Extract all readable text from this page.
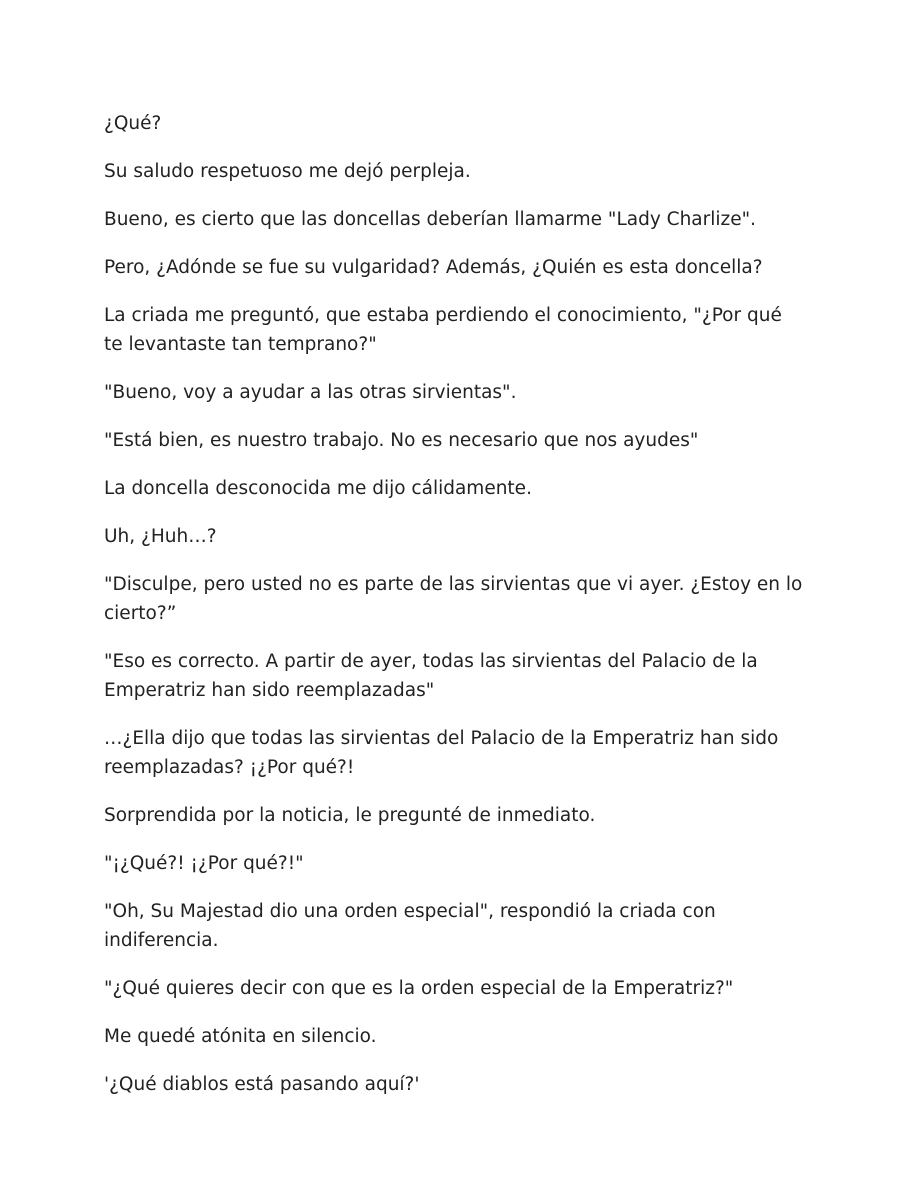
¿Qué?

Su saludo respetuoso me dejó perpleja.

Bueno, es cierto que las doncellas deberían llamarme "Lady Charlize".

Pero, ¿Adónde se fue su vulgaridad? Además, ¿Quién es esta doncella?

La criada me preguntó, que estaba perdiendo el conocimiento, "¿Por qué te levantaste tan temprano?"

"Bueno, voy a ayudar a las otras sirvientas".

"Está bien, es nuestro trabajo. No es necesario que nos ayudes"

La doncella desconocida me dijo cálidamente.

Uh, ¿Huh…?

"Disculpe, pero usted no es parte de las sirvientas que vi ayer. ¿Estoy en lo cierto?”

"Eso es correcto. A partir de ayer, todas las sirvientas del Palacio de la Emperatriz han sido reemplazadas"

…¿Ella dijo que todas las sirvientas del Palacio de la Emperatriz han sido reemplazadas? ¡¿Por qué?!

Sorprendida por la noticia, le pregunté de inmediato.

"¡¿Qué?! ¡¿Por qué?!"

"Oh, Su Majestad dio una orden especial", respondió la criada con indiferencia.

"¿Qué quieres decir con que es la orden especial de la Emperatriz?"

Me quedé atónita en silencio.

'¿Qué diablos está pasando aquí?'
